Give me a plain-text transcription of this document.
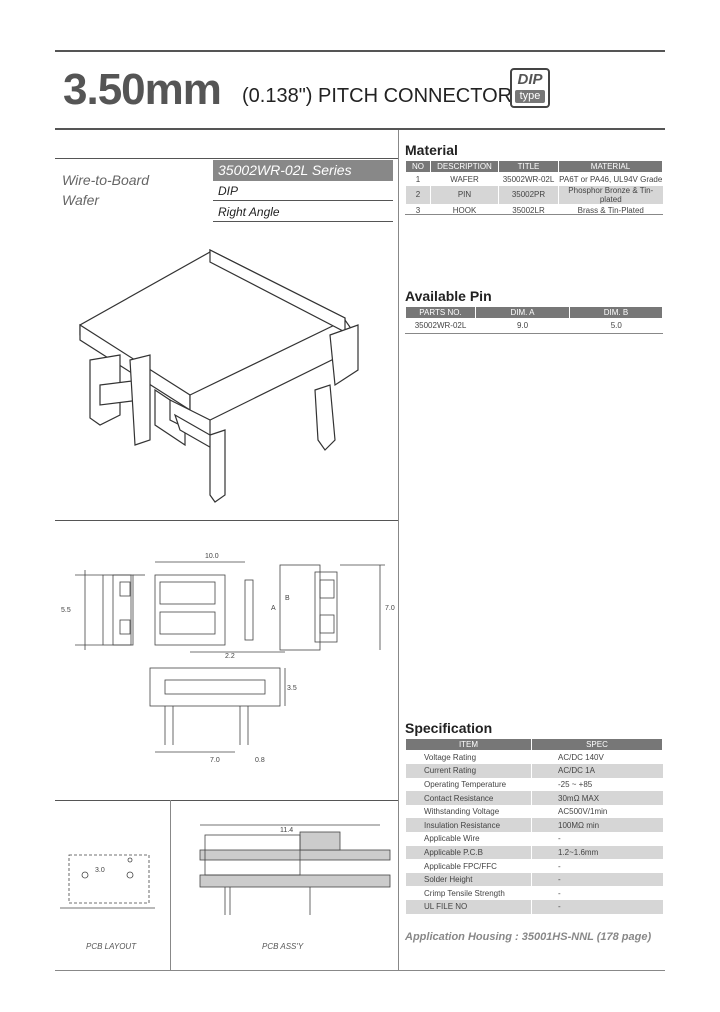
3.50mm (0.138") PITCH CONNECTOR
DIP
type
Wire-to-Board
Wafer
35002WR-02L Series
DIP
Right Angle
10.0
5.5	A
B
7.0
2.2
3.5
7.0	0.8
3.0
PCB LAYOUT
11.4
PCB ASS'Y
Material
NO	DESCRIPTION	TITLE	MATERIAL
1	WAFER	35002WR-02L	PA6T or PA46, UL94V Grade
2	PIN	35002PR	Phosphor Bronze & Tin-plated
3	HOOK	35002LR	Brass & Tin-Plated
Available Pin
PARTS NO.	DIM. A	DIM. B
35002WR-02L	9.0	5.0
Specification
ITEM	SPEC
Voltage Rating	AC/DC 140V
Current Rating	AC/DC 1A
Operating Temperature	-25 ~ +85
Contact Resistance	30mΩ MAX
Withstanding Voltage	AC500V/1min
Insulation Resistance	100MΩ min
Applicable Wire	-
Applicable P.C.B	1.2~1.6mm
Applicable FPC/FFC	-
Solder Height	-
Crimp Tensile Strength	-
UL FILE NO	-
Application Housing : 35001HS-NNL (178 page)
